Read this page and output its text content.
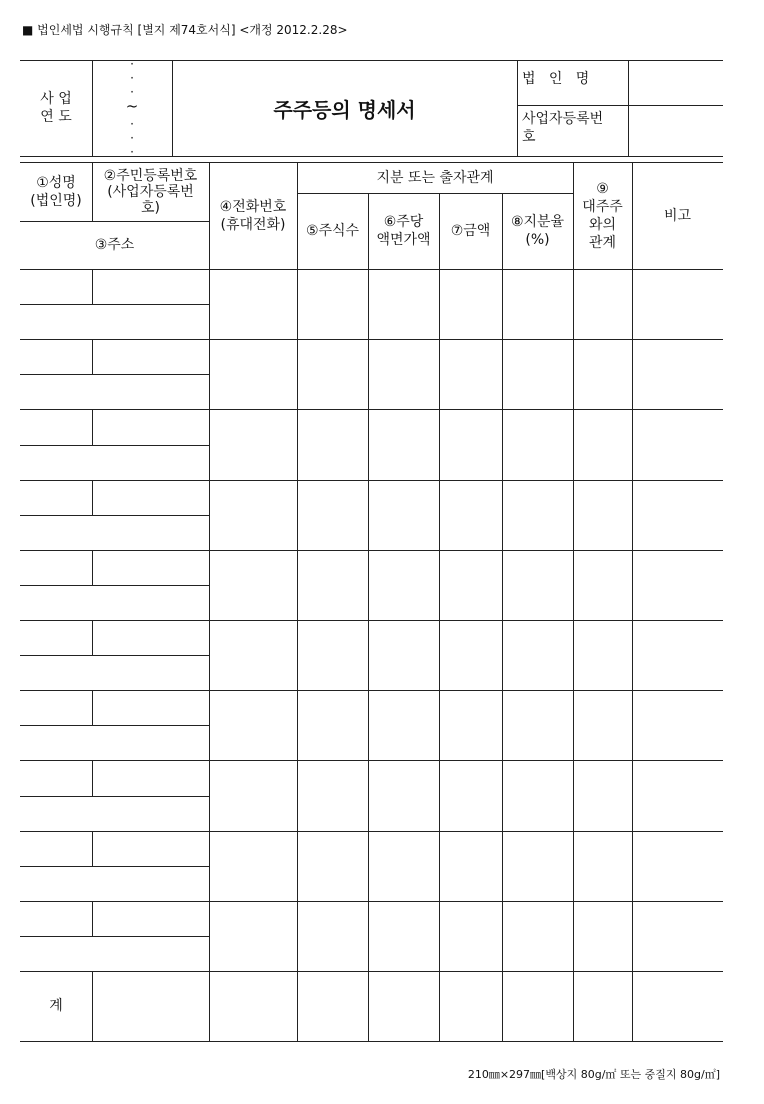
■ 법인세법 시행규칙 [별지 제74호서식] <개정 2012.2.28>
사 업
연 도
· · ·
~
· · ·
주주등의 명세서
법   인   명
사업자등록번
호
①성명
(법인명)
②주민등록번호
(사업자등록번
호)
③주소
④전화번호
(휴대전화)
지분 또는 출자관계
⑤주식수
⑥주당
액면가액
⑦금액
⑧지분율
(%)
⑨
대주주
와의
관계
비고
계
210㎜×297㎜[백상지 80g/㎡ 또는 중질지 80g/㎡]
